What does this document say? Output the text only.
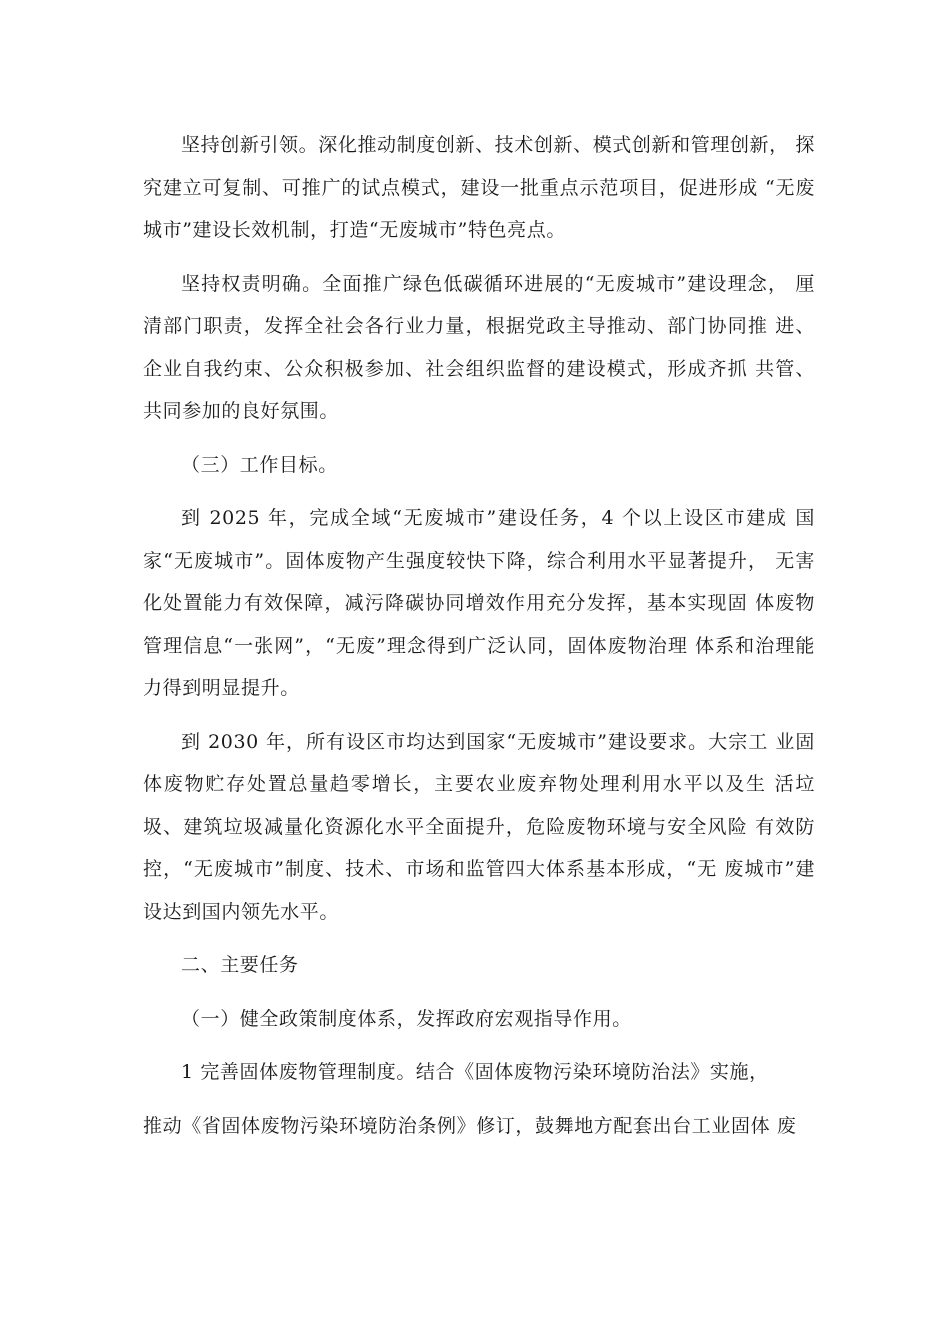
坚持创新引领。深化推动制度创新、技术创新、模式创新和管理创新， 探究建立可复制、可推广的试点模式，建设一批重点示范项目，促进形成 “无废城市”建设长效机制，打造“无废城市”特色亮点。

坚持权责明确。全面推广绿色低碳循环进展的“无废城市”建设理念， 厘清部门职责，发挥全社会各行业力量，根据党政主导推动、部门协同推 进、企业自我约束、公众积极参加、社会组织监督的建设模式，形成齐抓 共管、共同参加的良好氛围。

（三）工作目标。

到 2025 年，完成全域“无废城市”建设任务，4 个以上设区市建成 国家“无废城市”。固体废物产生强度较快下降，综合利用水平显著提升， 无害化处置能力有效保障，减污降碳协同增效作用充分发挥，基本实现固 体废物管理信息“一张网”，“无废”理念得到广泛认同，固体废物治理 体系和治理能力得到明显提升。

到 2030 年，所有设区市均达到国家“无废城市”建设要求。大宗工 业固体废物贮存处置总量趋零增长，主要农业废弃物处理利用水平以及生 活垃圾、建筑垃圾减量化资源化水平全面提升，危险废物环境与安全风险 有效防控，“无废城市”制度、技术、市场和监管四大体系基本形成，“无 废城市”建设达到国内领先水平。

二、主要任务

（一）健全政策制度体系，发挥政府宏观指导作用。

1 完善固体废物管理制度。结合《固体废物污染环境防治法》实施，

推动《省固体废物污染环境防治条例》修订，鼓舞地方配套出台工业固体 废
